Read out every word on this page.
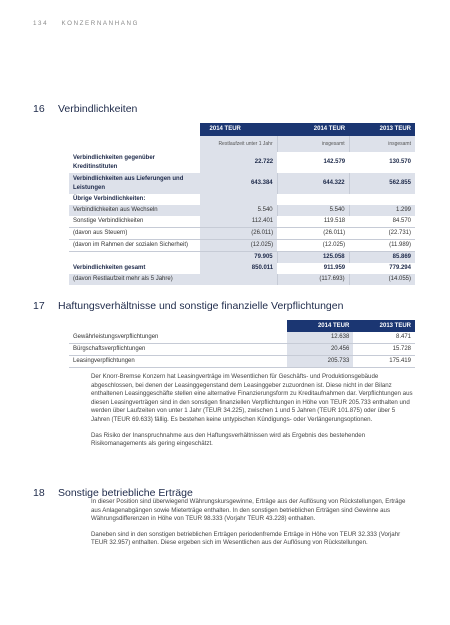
134 KONZERNANHANG
16 Verbindlichkeiten
	2014 TEUR	2014 TEUR	2013 TEUR
	Restlaufzeit unter 1 Jahr	insgesamt	insgesamt
Verbindlichkeiten gegenüber Kreditinstituten	22.722	142.579	130.570
Verbindlichkeiten aus Lieferungen und Leistungen	643.384	644.322	562.855
Übrige Verbindlichkeiten:			
Verbindlichkeiten aus Wechseln	5.540	5.540	1.299
Sonstige Verbindlichkeiten	112.401	119.518	84.570
(davon aus Steuern)	(26.011)	(26.011)	(22.731)
(davon im Rahmen der sozialen Sicherheit)	(12.025)	(12.025)	(11.989)
	79.905	125.058	85.869
Verbindlichkeiten gesamt	850.011	911.959	779.294
(davon Restlaufzeit mehr als 5 Jahre)		(117.693)	(14.055)
17 Haftungsverhältnisse und sonstige finanzielle Verpflichtungen
	2014 TEUR	2013 TEUR
Gewährleistungsverpflichtungen	12.638	8.471
Bürgschaftsverpflichtungen	20.456	15.728
Leasingverpflichtungen	205.733	175.419

Der Knorr-Bremse Konzern hat Leasingverträge im Wesentlichen für Geschäfts- und Produktionsgebäude abgeschlossen, bei denen der Leasinggegenstand dem Leasinggeber zuzuordnen ist. Diese nicht in der Bilanz enthaltenen Leasinggeschäfte stellen eine alternative Finanzierungsform zu Kreditaufnahmen dar. Verpflichtungen aus diesen Leasingverträgen sind in den sonstigen finanziellen Verpflichtungen in Höhe von TEUR 205.733 enthalten und werden über Laufzeiten von unter 1 Jahr (TEUR 34.225), zwischen 1 und 5 Jahren (TEUR 101.875) oder über 5 Jahren (TEUR 69.633) fällig. Es bestehen keine untypischen Kündigungs- oder Verlängerungsoptionen.

Das Risiko der Inanspruchnahme aus den Haftungsverhältnissen wird als Ergebnis des bestehenden Risikomanagements als gering eingeschätzt.

18 Sonstige betriebliche Erträge

In dieser Position sind überwiegend Währungskursgewinne, Erträge aus der Auflösung von Rückstellungen, Erträge aus Anlagenabgängen sowie Mieterträge enthalten. In den sonstigen betrieblichen Erträgen sind Gewinne aus Währungsdifferenzen in Höhe von TEUR 98.333 (Vorjahr TEUR 43.228) enthalten.

Daneben sind in den sonstigen betrieblichen Erträgen periodenfremde Erträge in Höhe von TEUR 32.333 (Vorjahr TEUR 32.957) enthalten. Diese ergeben sich im Wesentlichen aus der Auflösung von Rückstellungen.
